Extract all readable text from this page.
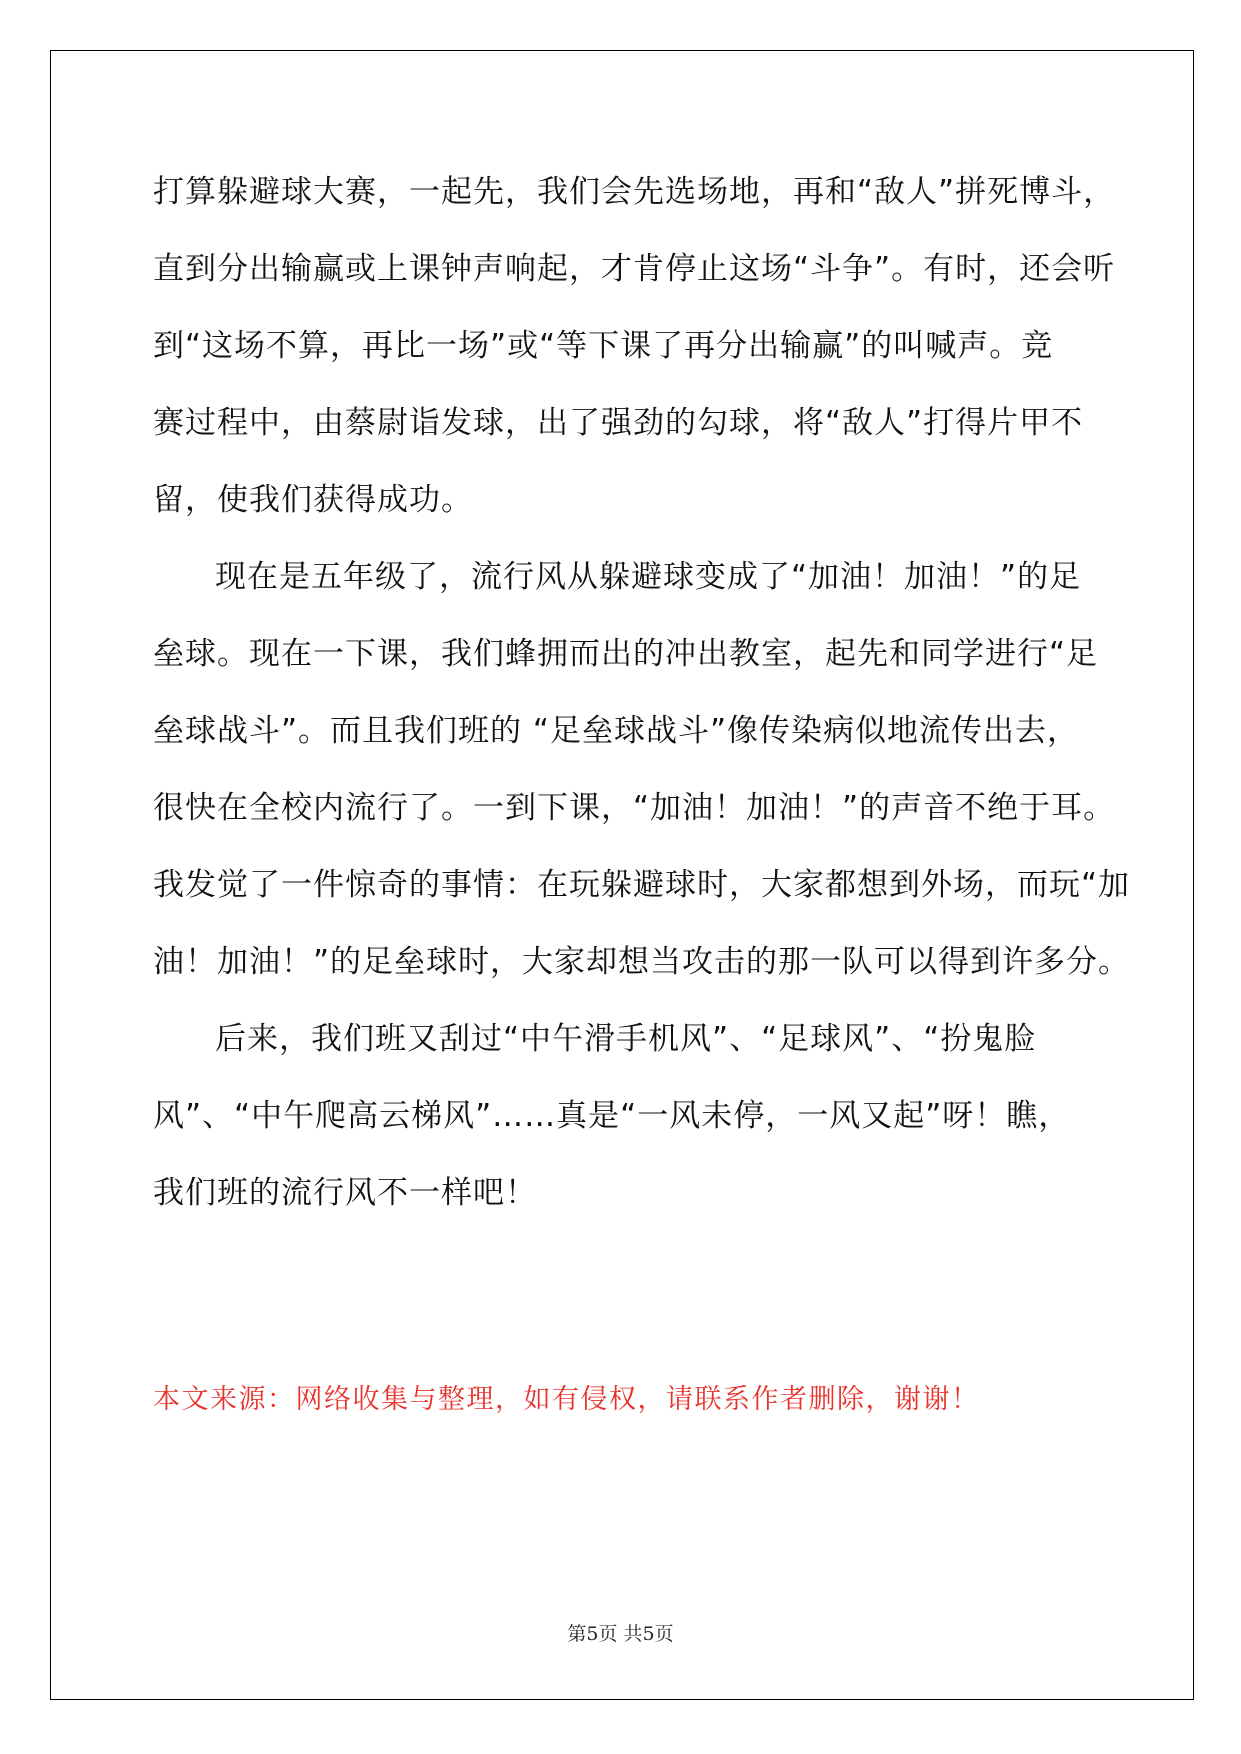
打算躲避球大赛，一起先，我们会先选场地，再和“敌人”拼死博斗，
直到分出输赢或上课钟声响起，才肯停止这场“斗争”。有时，还会听
到“这场不算，再比一场”或“等下课了再分出输赢”的叫喊声。竞
赛过程中，由蔡尉诣发球，出了强劲的勾球，将“敌人”打得片甲不
留，使我们获得成功。
现在是五年级了，流行风从躲避球变成了“加油！加油！”的足
垒球。现在一下课，我们蜂拥而出的冲出教室，起先和同学进行“足
垒球战斗”。而且我们班的 “足垒球战斗”像传染病似地流传出去，
很快在全校内流行了。一到下课，“加油！加油！”的声音不绝于耳。
我发觉了一件惊奇的事情：在玩躲避球时，大家都想到外场，而玩“加
油！加油！”的足垒球时，大家却想当攻击的那一队可以得到许多分。
后来，我们班又刮过“中午滑手机风”、“足球风”、“扮鬼脸
风”、“中午爬高云梯风”……真是“一风未停，一风又起”呀！瞧，
我们班的流行风不一样吧！
本文来源：网络收集与整理，如有侵权，请联系作者删除，谢谢！
第5页 共5页
